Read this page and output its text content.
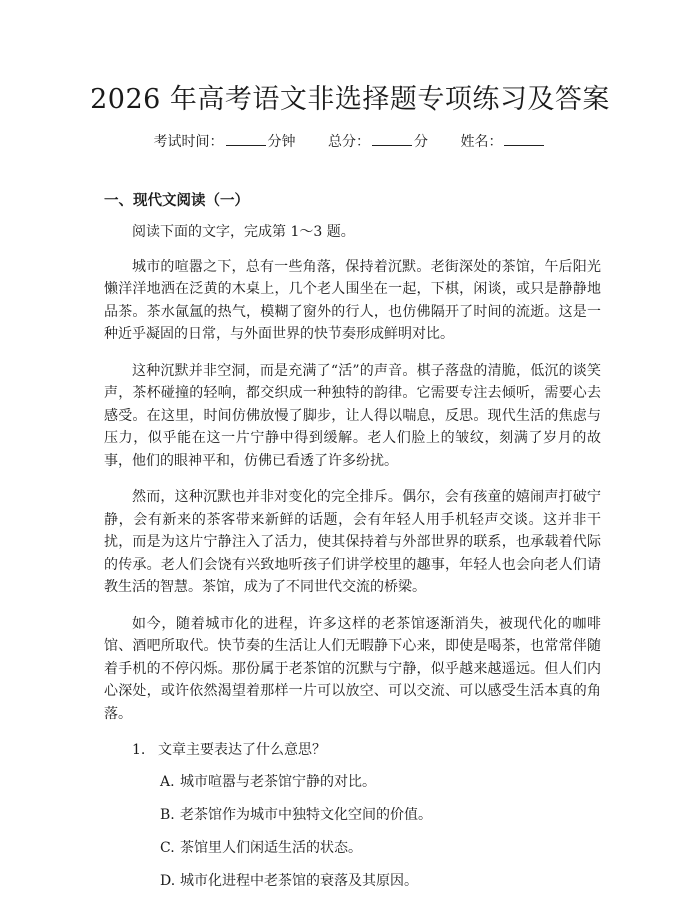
2026 年高考语文非选择题专项练习及答案
考试时间：	分钟 总分：	分 姓名：
一、现代文阅读（一）

阅读下面的文字，完成第 1～3 题。

城市的喧嚣之下，总有一些角落，保持着沉默。老街深处的茶馆，午后阳光懒洋洋地洒在泛黄的木桌上，几个老人围坐在一起，下棋，闲谈，或只是静静地品茶。茶水氤氲的热气，模糊了窗外的行人，也仿佛隔开了时间的流逝。这是一种近乎凝固的日常，与外面世界的快节奏形成鲜明对比。

这种沉默并非空洞，而是充满了“活”的声音。棋子落盘的清脆，低沉的谈笑声，茶杯碰撞的轻响，都交织成一种独特的韵律。它需要专注去倾听，需要心去感受。在这里，时间仿佛放慢了脚步，让人得以喘息，反思。现代生活的焦虑与压力，似乎能在这一片宁静中得到缓解。老人们脸上的皱纹，刻满了岁月的故事，他们的眼神平和，仿佛已看透了许多纷扰。

然而，这种沉默也并非对变化的完全排斥。偶尔，会有孩童的嬉闹声打破宁静，会有新来的茶客带来新鲜的话题，会有年轻人用手机轻声交谈。这并非干扰，而是为这片宁静注入了活力，使其保持着与外部世界的联系，也承载着代际的传承。老人们会饶有兴致地听孩子们讲学校里的趣事，年轻人也会向老人们请教生活的智慧。茶馆，成为了不同世代交流的桥梁。

如今，随着城市化的进程，许多这样的老茶馆逐渐消失，被现代化的咖啡馆、酒吧所取代。快节奏的生活让人们无暇静下心来，即使是喝茶，也常常伴随着手机的不停闪烁。那份属于老茶馆的沉默与宁静，似乎越来越遥远。但人们内心深处，或许依然渴望着那样一片可以放空、可以交流、可以感受生活本真的角落。

1. 文章主要表达了什么意思？
A. 城市喧嚣与老茶馆宁静的对比。
B. 老茶馆作为城市中独特文化空间的价值。
C. 茶馆里人们闲适生活的状态。
D. 城市化进程中老茶馆的衰落及其原因。
